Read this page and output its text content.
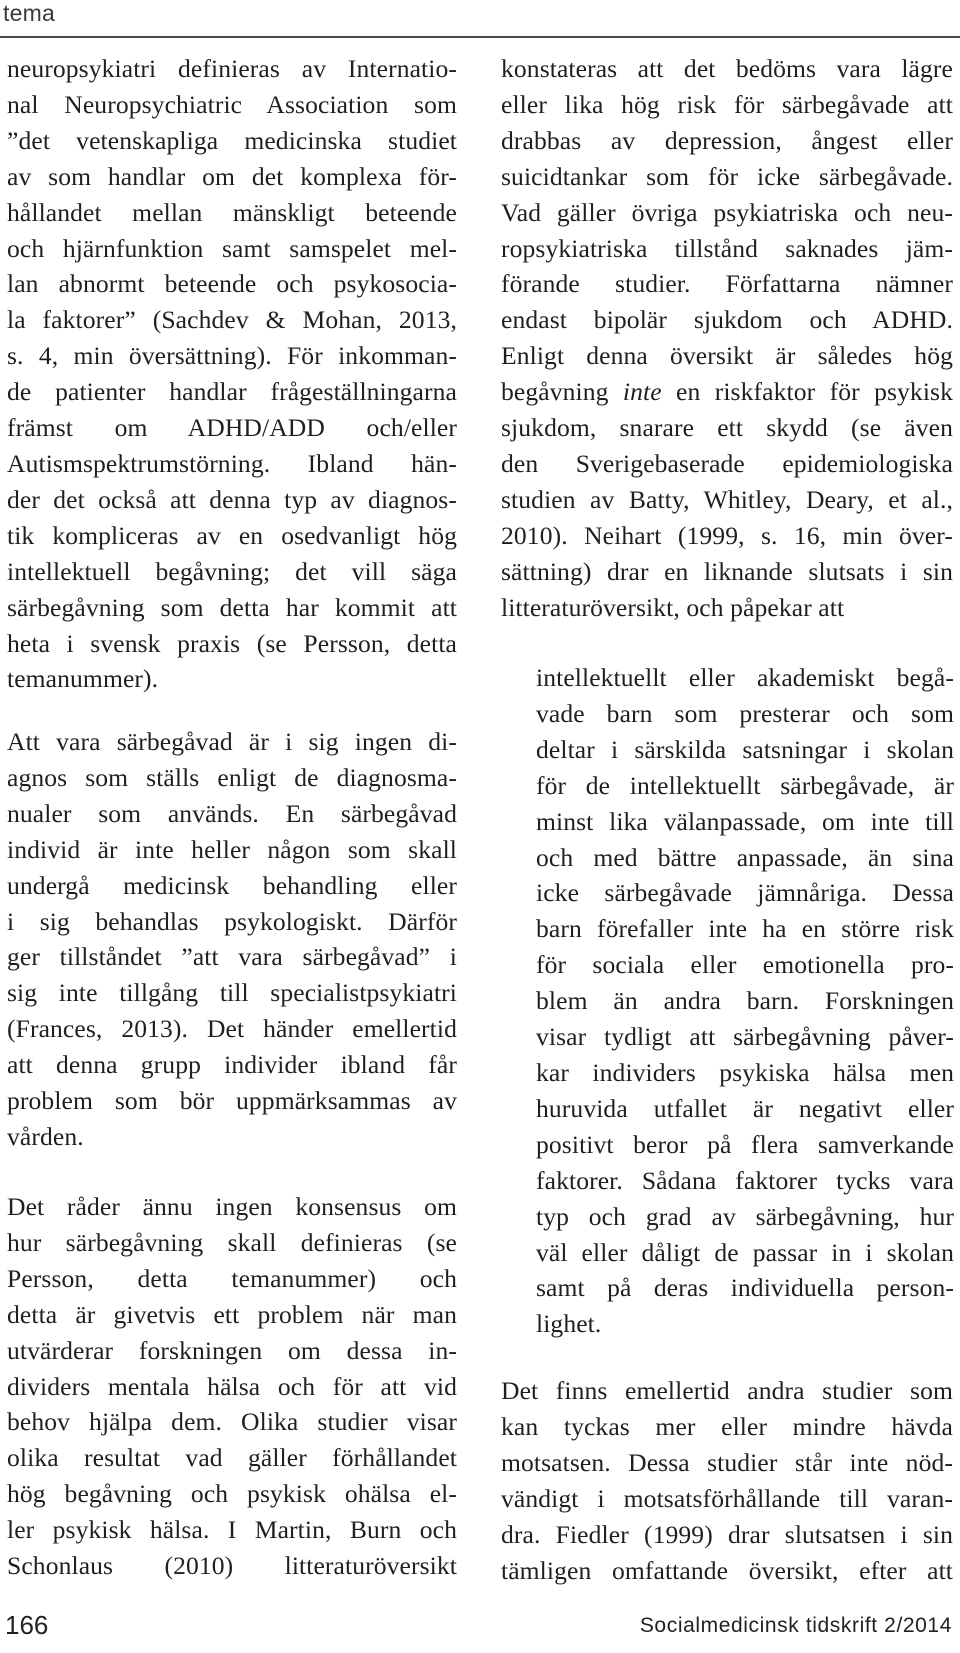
tema
neuropsykiatri definieras av Internatio-
nal Neuropsychiatric Association som
”det vetenskapliga medicinska studiet
av som handlar om det komplexa för-
hållandet mellan mänskligt beteende
och hjärnfunktion samt samspelet mel-
lan abnormt beteende och psykosocia-
la faktorer” (Sachdev & Mohan, 2013,
s. 4, min översättning). För inkomman-
de patienter handlar frågeställningarna
främst om ADHD/ADD och/eller
Autismspektrumstörning. Ibland hän-
der det också att denna typ av diagnos-
tik kompliceras av en osedvanligt hög
intellektuell begåvning; det vill säga
särbegåvning som detta har kommit att
heta i svensk praxis (se Persson, detta
temanummer).
Att vara särbegåvad är i sig ingen di-
agnos som ställs enligt de diagnosma-
nualer som används. En särbegåvad
individ är inte heller någon som skall
undergå medicinsk behandling eller
i sig behandlas psykologiskt. Därför
ger tillståndet ”att vara särbegåvad” i
sig inte tillgång till specialistpsykiatri
(Frances, 2013). Det händer emellertid
att denna grupp individer ibland får
problem som bör uppmärksammas av
vården.
Det råder ännu ingen konsensus om
hur särbegåvning skall definieras (se
Persson, detta temanummer) och
detta är givetvis ett problem när man
utvärderar forskningen om dessa in-
dividers mentala hälsa och för att vid
behov hjälpa dem. Olika studier visar
olika resultat vad gäller förhållandet
hög begåvning och psykisk ohälsa el-
ler psykisk hälsa. I Martin, Burn och
Schonlaus (2010) litteraturöversikt
konstateras att det bedöms vara lägre
eller lika hög risk för särbegåvade att
drabbas av depression, ångest eller
suicidtankar som för icke särbegåvade.
Vad gäller övriga psykiatriska och neu-
ropsykiatriska tillstånd saknades jäm-
förande studier. Författarna nämner
endast bipolär sjukdom och ADHD.
Enligt denna översikt är således hög
begåvning inte en riskfaktor för psykisk
sjukdom, snarare ett skydd (se även
den Sverigebaserade epidemiologiska
studien av Batty, Whitley, Deary, et al.,
2010). Neihart (1999, s. 16, min över-
sättning) drar en liknande slutsats i sin
litteraturöversikt, och påpekar att
intellektuellt eller akademiskt begå-
vade barn som presterar och som
deltar i särskilda satsningar i skolan
för de intellektuellt särbegåvade, är
minst lika välanpassade, om inte till
och med bättre anpassade, än sina
icke särbegåvade jämnåriga. Dessa
barn förefaller inte ha en större risk
för sociala eller emotionella pro-
blem än andra barn. Forskningen
visar tydligt att särbegåvning påver-
kar individers psykiska hälsa men
huruvida utfallet är negativt eller
positivt beror på flera samverkande
faktorer. Sådana faktorer tycks vara
typ och grad av särbegåvning, hur
väl eller dåligt de passar in i skolan
samt på deras individuella person-
lighet.
Det finns emellertid andra studier som
kan tyckas mer eller mindre hävda
motsatsen. Dessa studier står inte nöd-
vändigt i motsatsförhållande till varan-
dra. Fiedler (1999) drar slutsatsen i sin
tämligen omfattande översikt, efter att
166	Socialmedicinsk tidskrift 2/2014
